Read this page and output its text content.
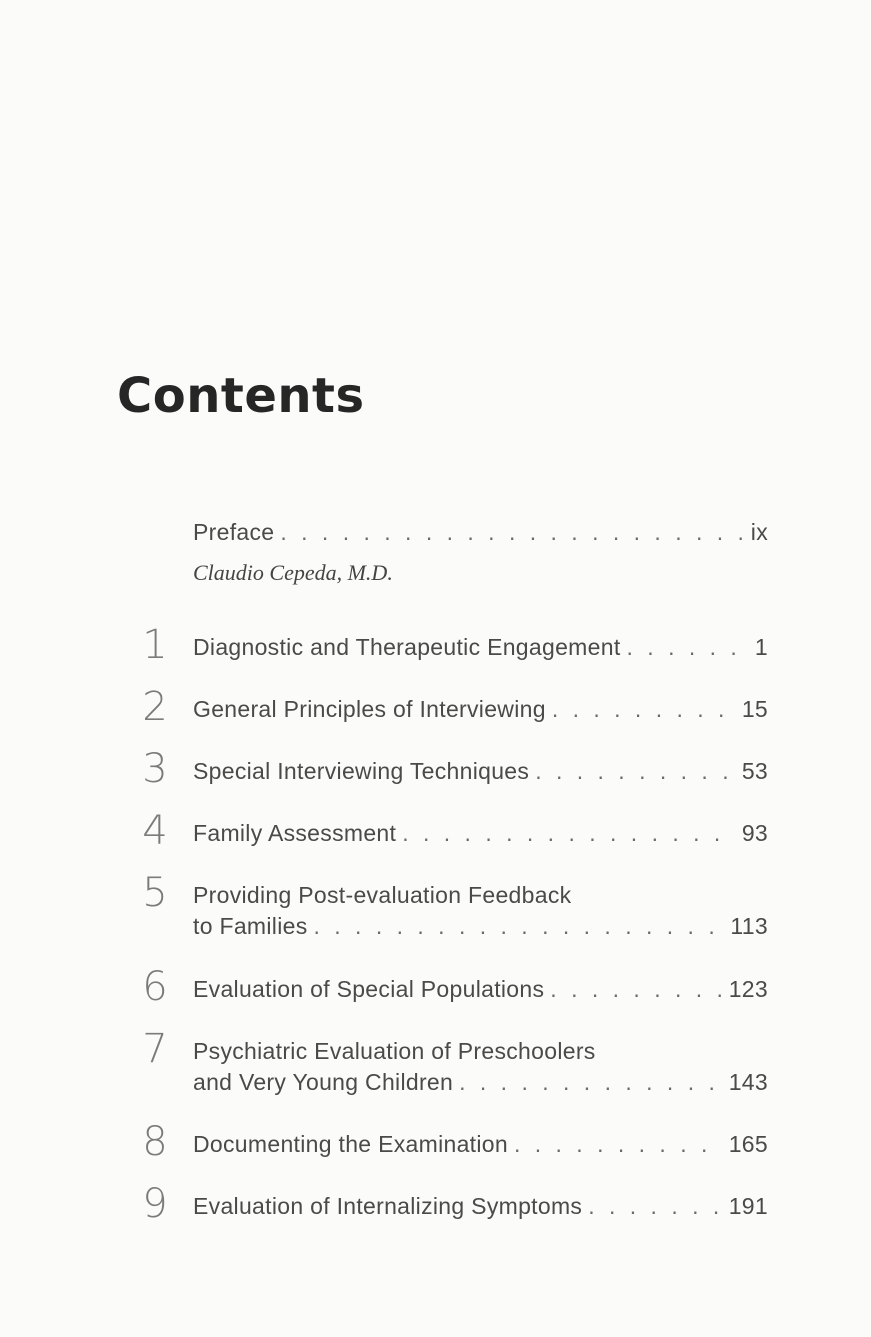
Contents
Preface . . .	ix
Claudio Cepeda, M.D.
1 Diagnostic and Therapeutic Engagement . . .	1
2 General Principles of Interviewing . . .	15
3 Special Interviewing Techniques . . .	53
4 Family Assessment . . .	93
5 Providing Post-evaluation Feedback
to Families . . .	113
6 Evaluation of Special Populations . . .	123
7 Psychiatric Evaluation of Preschoolers
and Very Young Children . . .	143
8 Documenting the Examination . . .	165
9 Evaluation of Internalizing Symptoms . . .	191
